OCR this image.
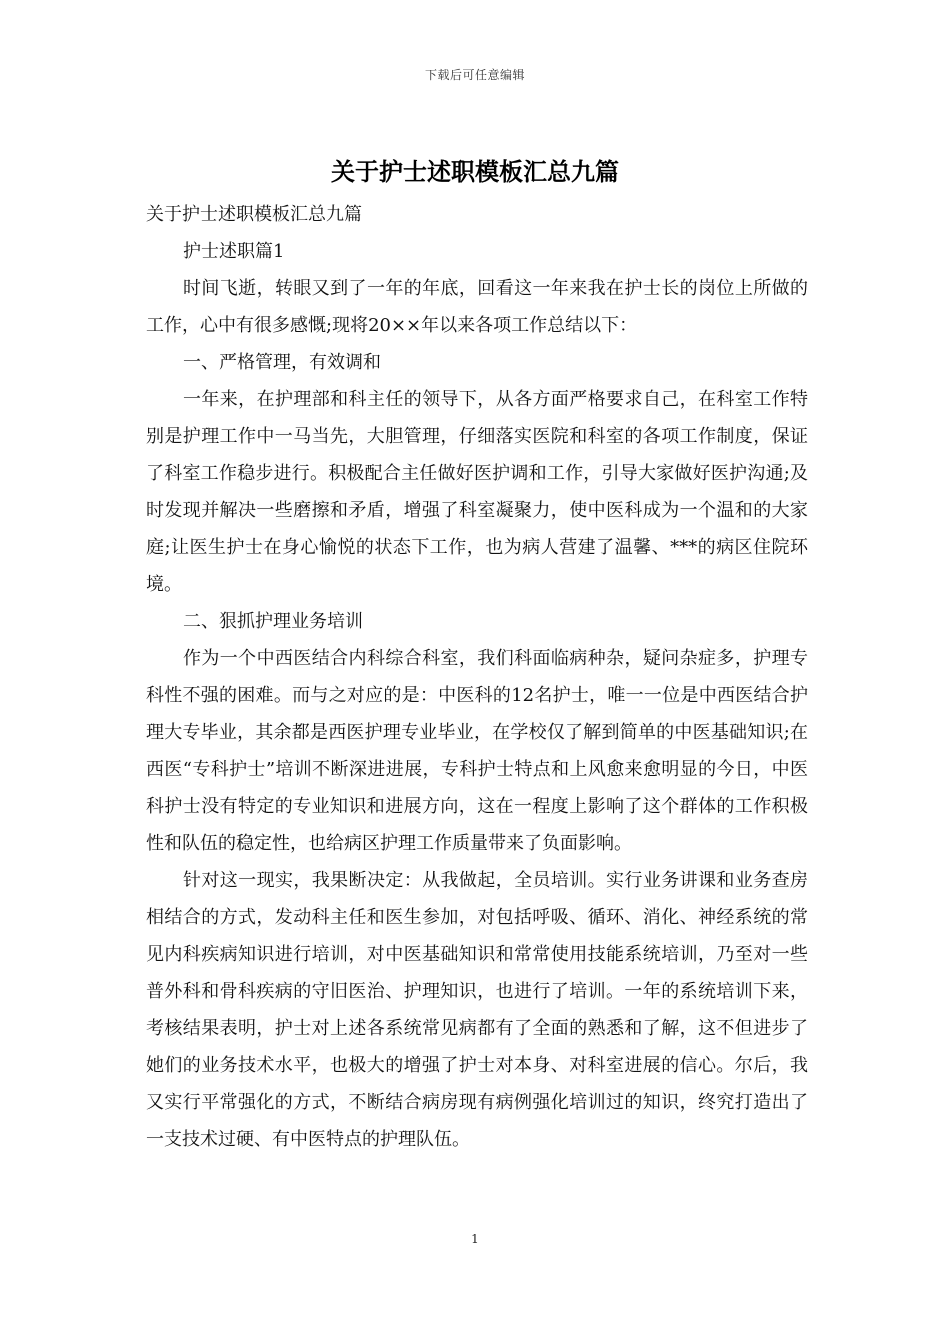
下载后可任意编辑
关于护士述职模板汇总九篇

关于护士述职模板汇总九篇

护士述职篇1

时间飞逝，转眼又到了一年的年底，回看这一年来我在护士长的岗位上所做的工作，心中有很多感慨;现将20××年以来各项工作总结以下：

一、严格管理，有效调和

一年来，在护理部和科主任的领导下，从各方面严格要求自己，在科室工作特别是护理工作中一马当先，大胆管理，仔细落实医院和科室的各项工作制度，保证了科室工作稳步进行。积极配合主任做好医护调和工作，引导大家做好医护沟通;及时发现并解决一些磨擦和矛盾，增强了科室凝聚力，使中医科成为一个温和的大家庭;让医生护士在身心愉悦的状态下工作，也为病人营建了温馨、***的病区住院环境。

二、狠抓护理业务培训

作为一个中西医结合内科综合科室，我们科面临病种杂，疑问杂症多，护理专科性不强的困难。而与之对应的是：中医科的12名护士，唯一一位是中西医结合护理大专毕业，其余都是西医护理专业毕业，在学校仅了解到简单的中医基础知识;在西医“专科护士”培训不断深进进展，专科护士特点和上风愈来愈明显的今日，中医科护士没有特定的专业知识和进展方向，这在一程度上影响了这个群体的工作积极性和队伍的稳定性，也给病区护理工作质量带来了负面影响。

针对这一现实，我果断决定：从我做起，全员培训。实行业务讲课和业务查房相结合的方式，发动科主任和医生参加，对包括呼吸、循环、消化、神经系统的常见内科疾病知识进行培训，对中医基础知识和常常使用技能系统培训，乃至对一些普外科和骨科疾病的守旧医治、护理知识，也进行了培训。一年的系统培训下来，考核结果表明，护士对上述各系统常见病都有了全面的熟悉和了解，这不但进步了她们的业务技术水平，也极大的增强了护士对本身、对科室进展的信心。尔后，我又实行平常强化的方式，不断结合病房现有病例强化培训过的知识，终究打造出了一支技术过硬、有中医特点的护理队伍。

1
